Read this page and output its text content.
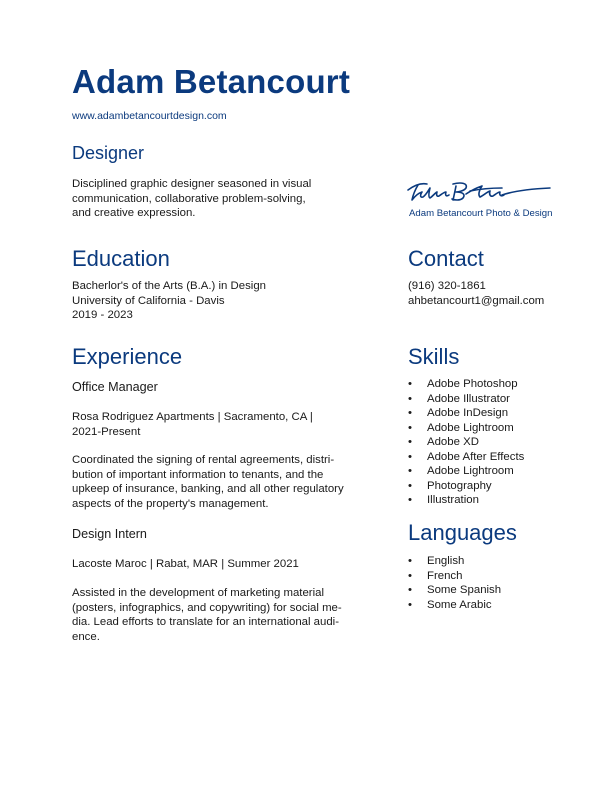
Adam Betancourt
www.adambetancourtdesign.com
Designer

Disciplined graphic designer seasoned in visual

communication, collaborative problem-solving,

and creative expression.	Adam Betancourt Photo & Design
Education

Bacherlor's of the Arts (B.A.) in Design

University of California - Davis

2019 - 2023

Contact

(916) 320-1861

ahbetancourt1@gmail.com

Experience
Office Manager

Rosa Rodriguez Apartments | Sacramento, CA |

2021-Present

Coordinated the signing of rental agreements, distri-

bution of important information to tenants, and the

upkeep of insurance, banking, and all other regulatory

aspects of the property's management.

Design Intern

Lacoste Maroc | Rabat, MAR | Summer 2021

Assisted in the development of marketing material

(posters, infographics, and copywriting) for social me-

dia. Lead efforts to translate for an international audi-

ence.

Skills
• Adobe Photoshop
• Adobe Illustrator
• Adobe InDesign
• Adobe Lightroom
• Adobe XD
• Adobe After Effects
• Adobe Lightroom
• Photography
• Illustration
Languages
• English
• French
• Some Spanish
• Some Arabic
